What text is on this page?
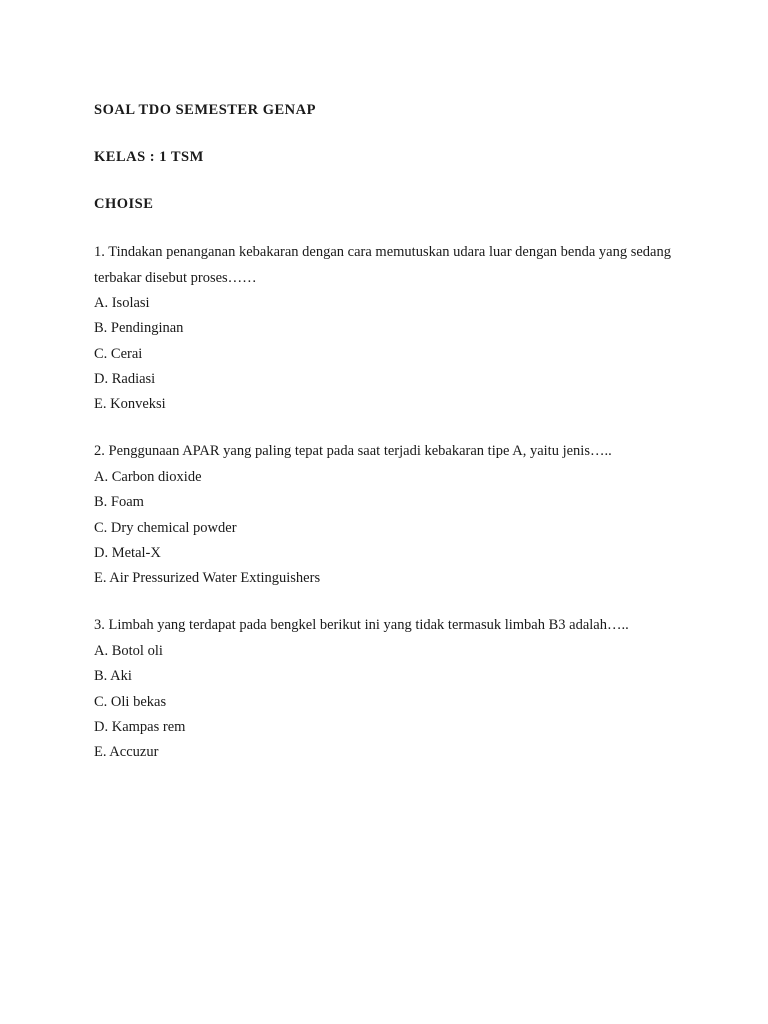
SOAL TDO SEMESTER GENAP

KELAS : 1 TSM

CHOISE

1. Tindakan penanganan kebakaran dengan cara memutuskan udara luar dengan benda yang sedang terbakar disebut proses……

A. Isolasi
B. Pendinginan
C. Cerai
D. Radiasi
E. Konveksi

2. Penggunaan APAR yang paling tepat pada saat terjadi kebakaran tipe A, yaitu jenis…..

A. Carbon dioxide
B. Foam
C. Dry chemical powder
D. Metal-X
E. Air Pressurized Water Extinguishers

3. Limbah yang terdapat pada bengkel berikut ini yang tidak termasuk limbah B3 adalah…..

A. Botol oli
B. Aki
C. Oli bekas
D. Kampas rem
E. Accuzur
